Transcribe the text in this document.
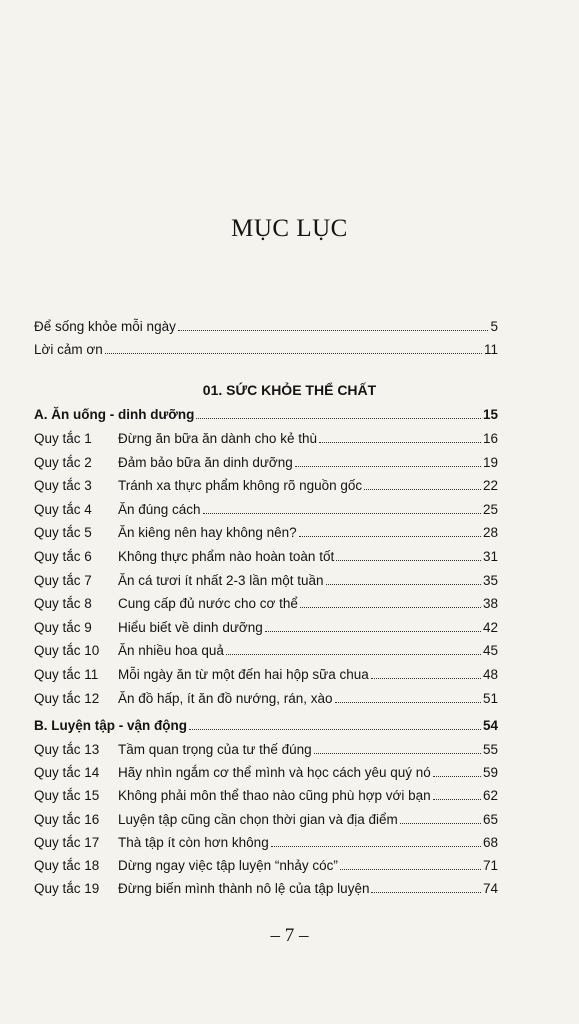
MỤC LỤC
Để sống khỏe mỗi ngày	5
Lời cảm ơn	11
01. SỨC KHỎE THỂ CHẤT
A. Ăn uống - dinh dưỡng	15
Quy tắc 1	Đừng ăn bữa ăn dành cho kẻ thù	16
Quy tắc 2	Đảm bảo bữa ăn dinh dưỡng	19
Quy tắc 3	Tránh xa thực phẩm không rõ nguồn gốc	22
Quy tắc 4	Ăn đúng cách	25
Quy tắc 5	Ăn kiêng nên hay không nên?	28
Quy tắc 6	Không thực phẩm nào hoàn toàn tốt	31
Quy tắc 7	Ăn cá tươi ít nhất 2-3 lần một tuần	35
Quy tắc 8	Cung cấp đủ nước cho cơ thể	38
Quy tắc 9	Hiểu biết về dinh dưỡng	42
Quy tắc 10	Ăn nhiều hoa quả	45
Quy tắc 11	Mỗi ngày ăn từ một đến hai hộp sữa chua	48
Quy tắc 12	Ăn đồ hấp, ít ăn đồ nướng, rán, xào	51
B. Luyện tập - vận động	54
Quy tắc 13	Tầm quan trọng của tư thế đúng	55
Quy tắc 14	Hãy nhìn ngắm cơ thể mình và học cách yêu quý nó	59
Quy tắc 15	Không phải môn thể thao nào cũng phù hợp với bạn	62
Quy tắc 16	Luyện tập cũng cần chọn thời gian và địa điểm	65
Quy tắc 17	Thà tập ít còn hơn không	68
Quy tắc 18	Dừng ngay việc tập luyện “nhảy cóc”	71
Quy tắc 19	Đừng biến mình thành nô lệ của tập luyện	74
– 7 –
